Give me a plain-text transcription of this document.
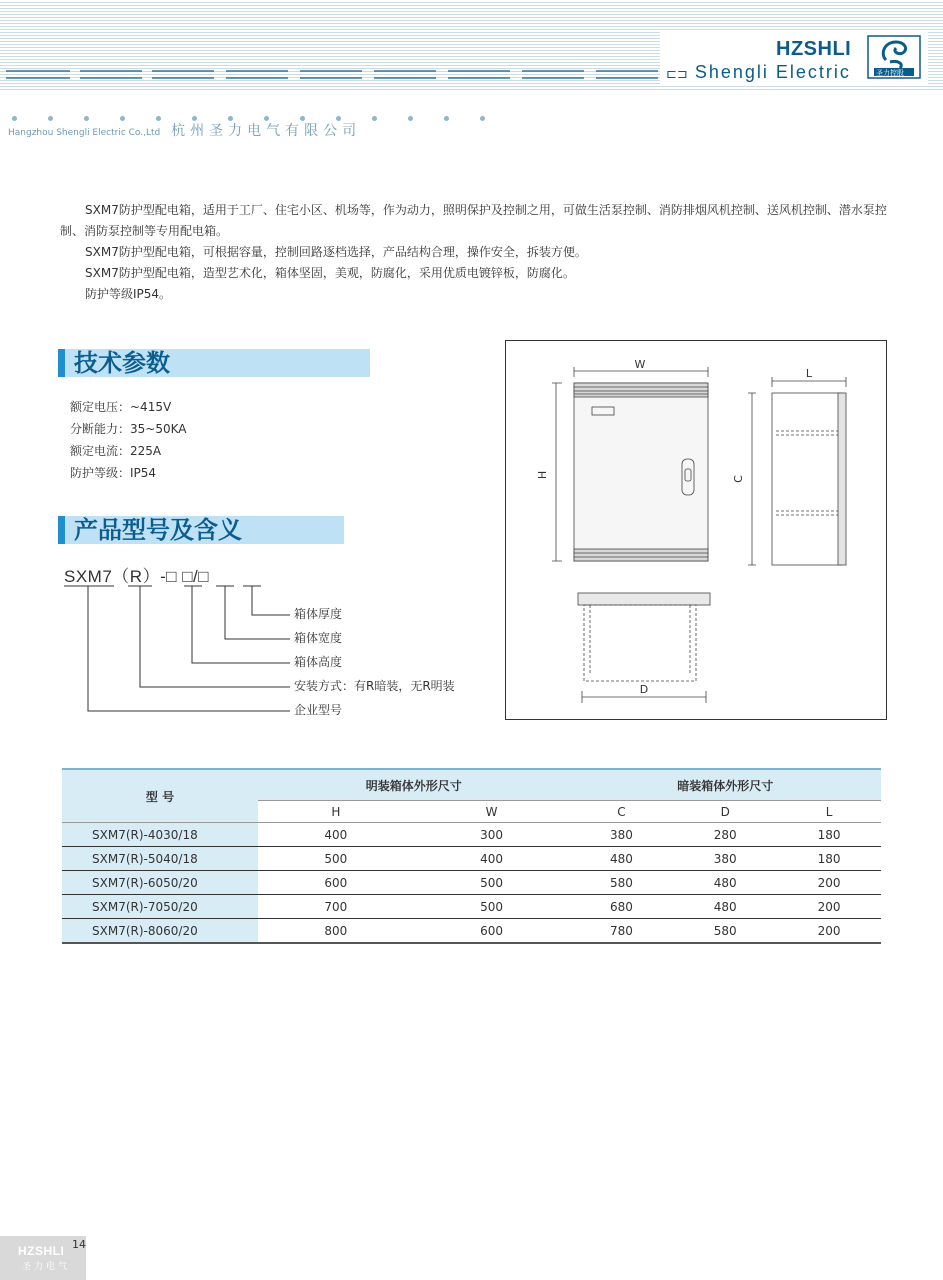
HZSHLI
⊏⊐ Shengli Electric	圣力控股
Hangzhou Shengli Electric Co.,Ltd 杭州圣力电气有限公司

SXM7防护型配电箱，适用于工厂、住宅小区、机场等，作为动力，照明保护及控制之用，可做生活泵控制、消防排烟风机控制、送风机控制、潜水泵控制、消防泵控制等专用配电箱。

SXM7防护型配电箱，可根据容量，控制回路逐档选择，产品结构合理，操作安全，拆装方便。

SXM7防护型配电箱，造型艺术化，箱体坚固，美观，防腐化，采用优质电镀锌板，防腐化。

防护等级IP54。

技术参数
额定电压：~415V
分断能力：35~50KA
额定电流：225A
防护等级：IP54
产品型号及含义
SXM7（R）-□ □/□
箱体厚度
箱体宽度
箱体高度
安装方式：有R暗装，无R明装
企业型号
W
H
L
C
D
型 号	明装箱体外形尺寸		暗装箱体外形尺寸		
	H	W	C	D	L
SXM7(R)-4030/18	400	300	380	280	180
SXM7(R)-5040/18	500	400	480	380	180
SXM7(R)-6050/20	600	500	580	480	200
SXM7(R)-7050/20	700	500	680	480	200
SXM7(R)-8060/20	800	600	780	580	200
HZSHLI
圣力电气
14
